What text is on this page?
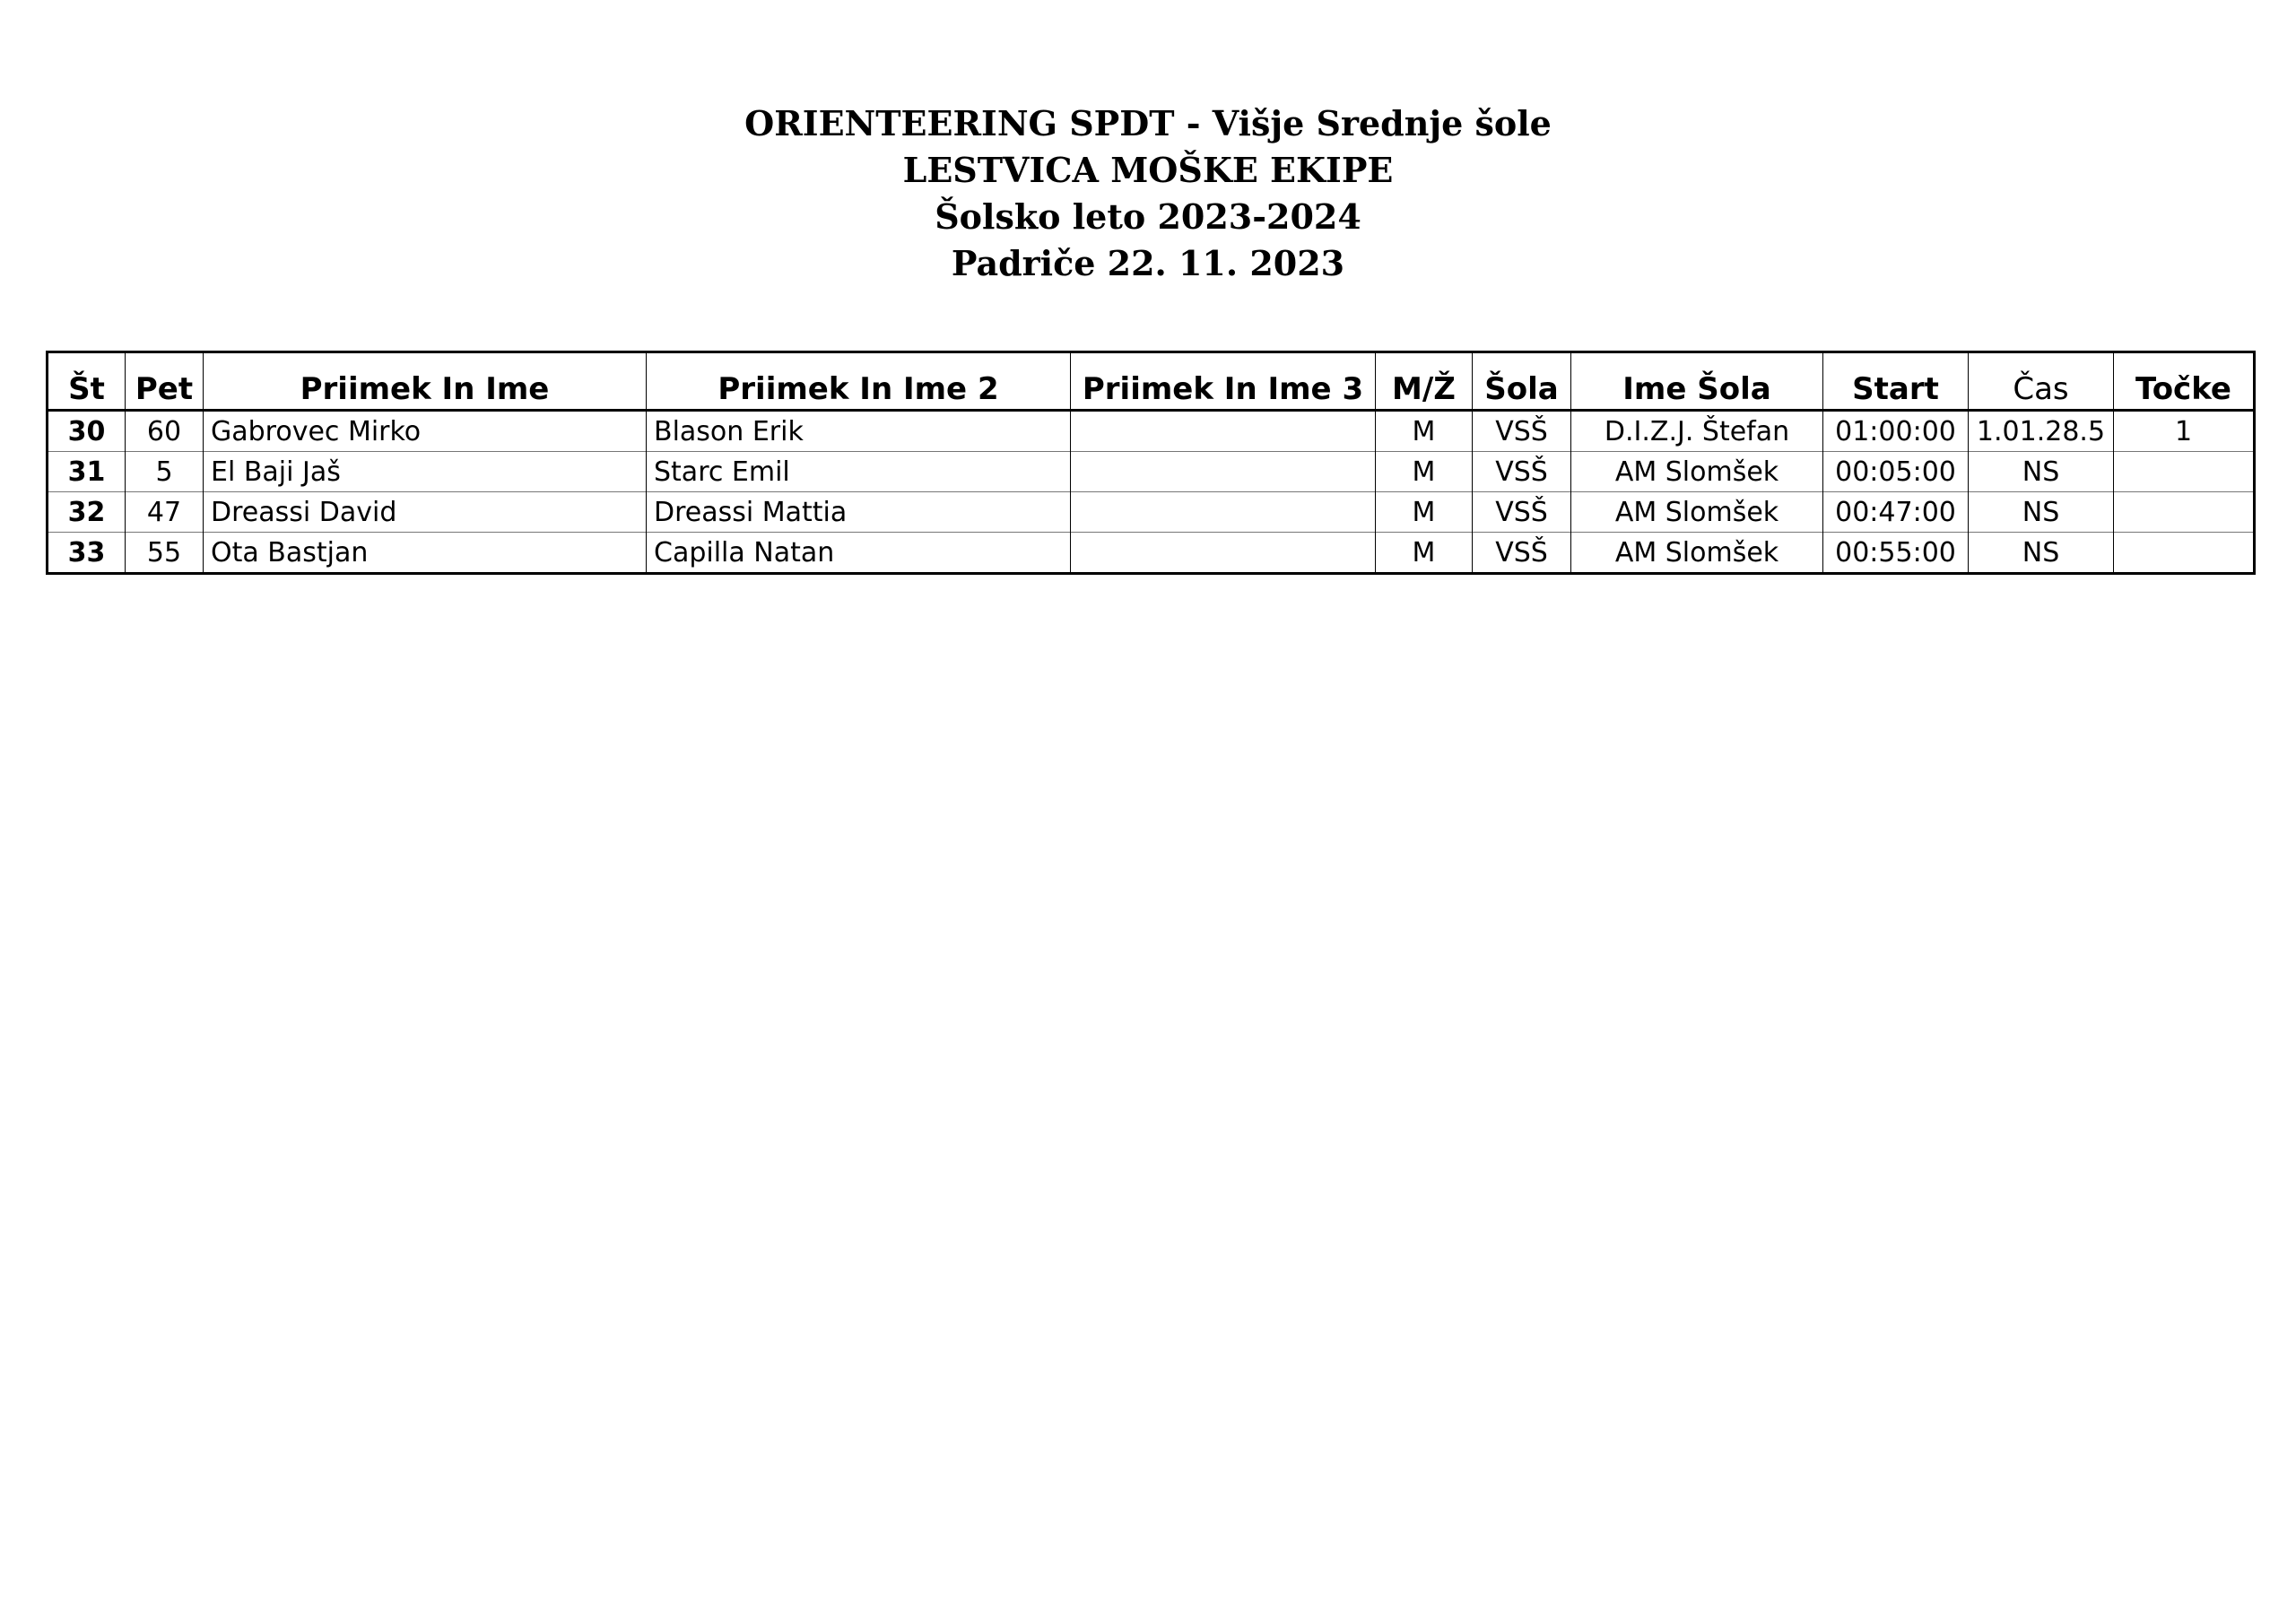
ORIENTEERING SPDT - Višje Srednje šole
LESTVICA MOŠKE EKIPE
Šolsko leto 2023-2024
Padriče 22. 11. 2023
Št	Pet	Priimek In Ime	Priimek In Ime 2	Priimek In Ime 3	M/Ž	Šola	Ime Šola	Start	Čas	Točke
30	60	Gabrovec Mirko	Blason Erik		M	VSŠ	D.I.Z.J. Štefan	01:00:00	1.01.28.5	1
31	5	El Baji Jaš	Starc Emil		M	VSŠ	AM Slomšek	00:05:00	NS	
32	47	Dreassi David	Dreassi Mattia		M	VSŠ	AM Slomšek	00:47:00	NS	
33	55	Ota Bastjan	Capilla Natan		M	VSŠ	AM Slomšek	00:55:00	NS	
